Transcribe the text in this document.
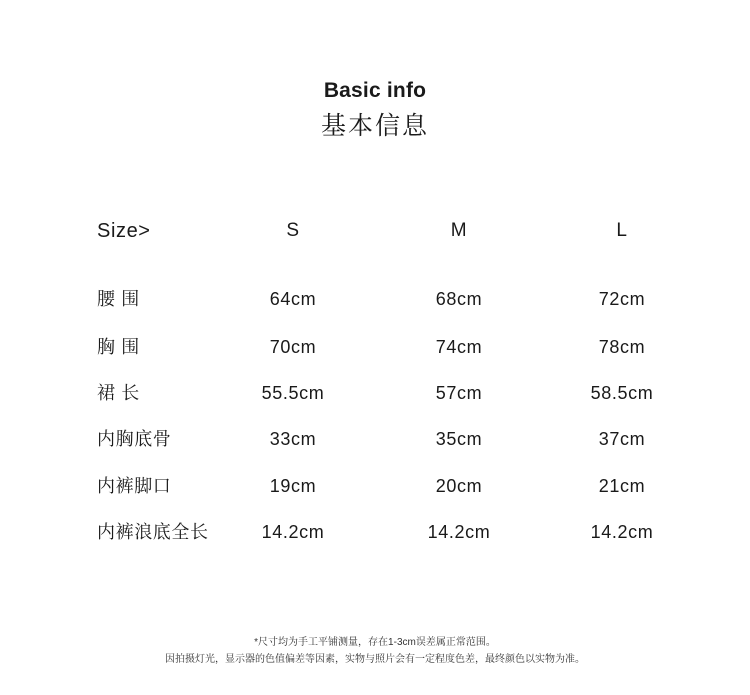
Basic info
基本信息
Size>	S	M	L
腰 围	64cm	68cm	72cm
胸 围	70cm	74cm	78cm
裙 长	55.5cm	57cm	58.5cm
内胸底骨	33cm	35cm	37cm
内裤脚口	19cm	20cm	21cm
内裤浪底全长	14.2cm	14.2cm	14.2cm
*尺寸均为手工平铺测量，存在1-3cm误差属正常范围。
因拍摄灯光，显示器的色值偏差等因素，实物与照片会有一定程度色差，最终颜色以实物为准。
